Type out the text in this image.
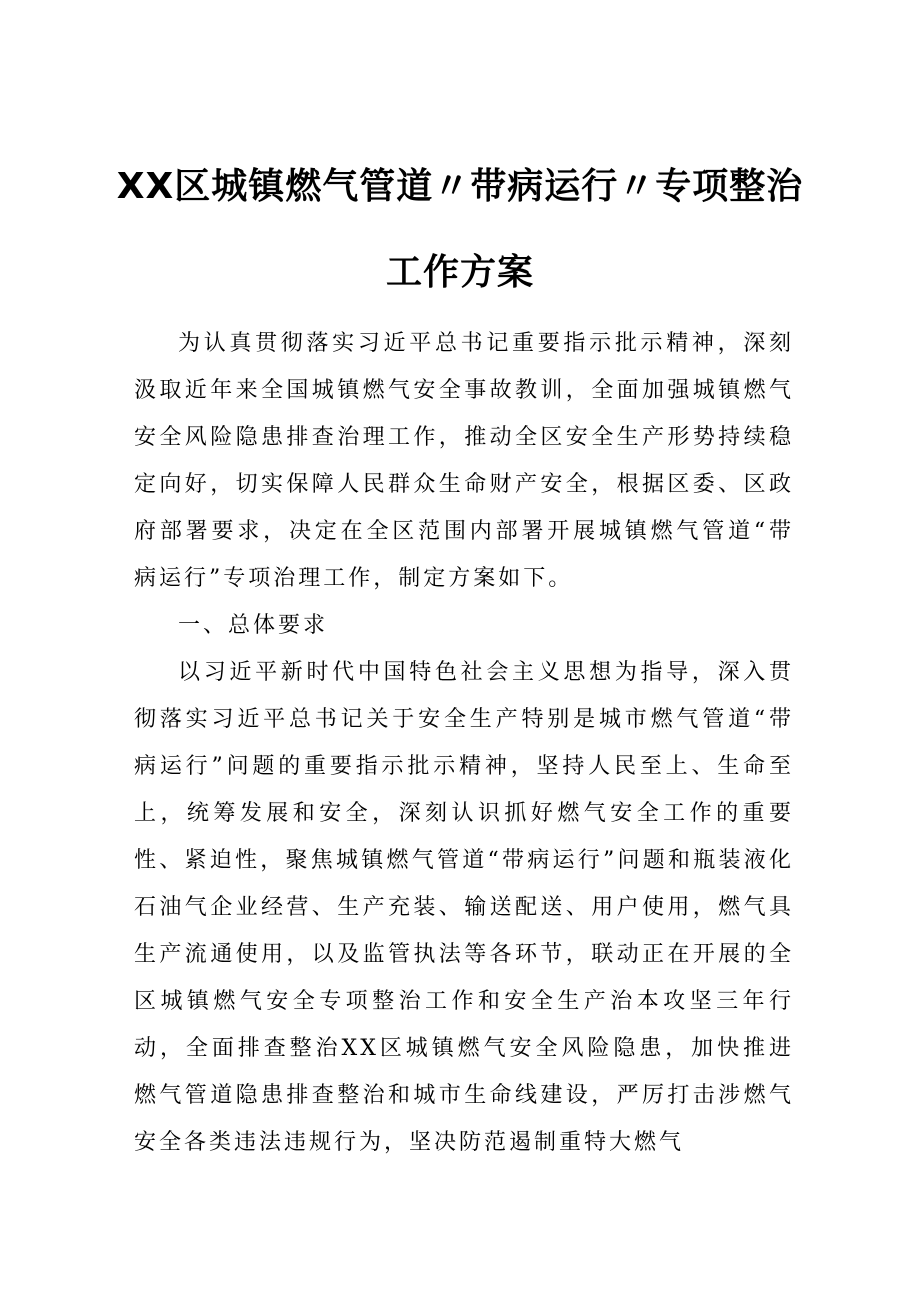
XX区城镇燃气管道〃带病运行〃专项整治
工作方案

为认真贯彻落实习近平总书记重要指示批示精神，深刻汲取近年来全国城镇燃气安全事故教训，全面加强城镇燃气安全风险隐患排查治理工作，推动全区安全生产形势持续稳定向好，切实保障人民群众生命财产安全，根据区委、区政府部署要求，决定在全区范围内部署开展城镇燃气管道“带病运行”专项治理工作，制定方案如下。

一、总体要求

以习近平新时代中国特色社会主义思想为指导，深入贯彻落实习近平总书记关于安全生产特别是城市燃气管道“带病运行”问题的重要指示批示精神，坚持人民至上、生命至上，统筹发展和安全，深刻认识抓好燃气安全工作的重要性、紧迫性，聚焦城镇燃气管道“带病运行”问题和瓶装液化石油气企业经营、生产充装、输送配送、用户使用，燃气具生产流通使用，以及监管执法等各环节，联动正在开展的全区城镇燃气安全专项整治工作和安全生产治本攻坚三年行动，全面排查整治XX区城镇燃气安全风险隐患，加快推进燃气管道隐患排查整治和城市生命线建设，严厉打击涉燃气安全各类违法违规行为，坚决防范遏制重特大燃气
